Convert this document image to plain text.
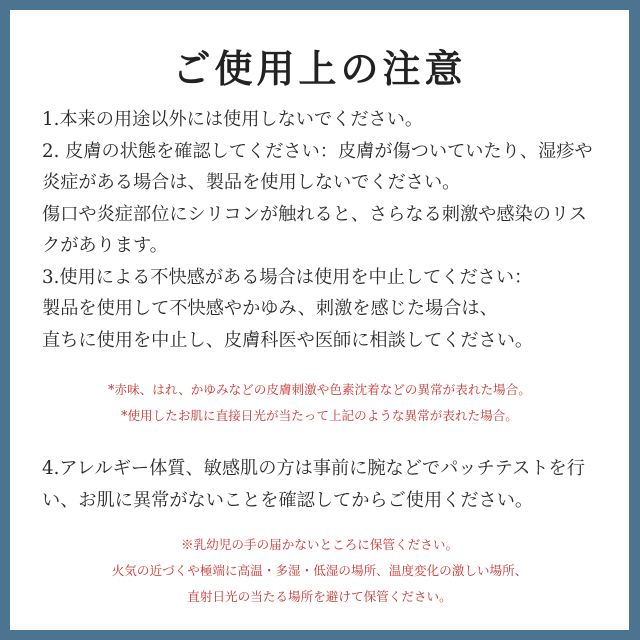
ご使用上の注意
1.本来の用途以外には使用しないでください。
2. 皮膚の状態を確認してください：皮膚が傷ついていたり、湿疹や
炎症がある場合は、製品を使用しないでください。
傷口や炎症部位にシリコンが触れると、さらなる刺激や感染のリス
クがあります。
3.使用による不快感がある場合は使用を中止してください：
製品を使用して不快感やかゆみ、刺激を感じた場合は、
直ちに使用を中止し、皮膚科医や医師に相談してください。
*赤味、はれ、かゆみなどの皮膚刺激や色素沈着などの異常が表れた場合。
*使用したお肌に直接日光が当たって上記のような異常が表れた場合。
4.アレルギー体質、敏感肌の方は事前に腕などでパッチテストを行
い、お肌に異常がないことを確認してからご使用ください。
※乳幼児の手の届かないところに保管ください。
火気の近づくや極端に高温・多湿・低湿の場所、温度変化の激しい場所、
直射日光の当たる場所を避けて保管ください。
